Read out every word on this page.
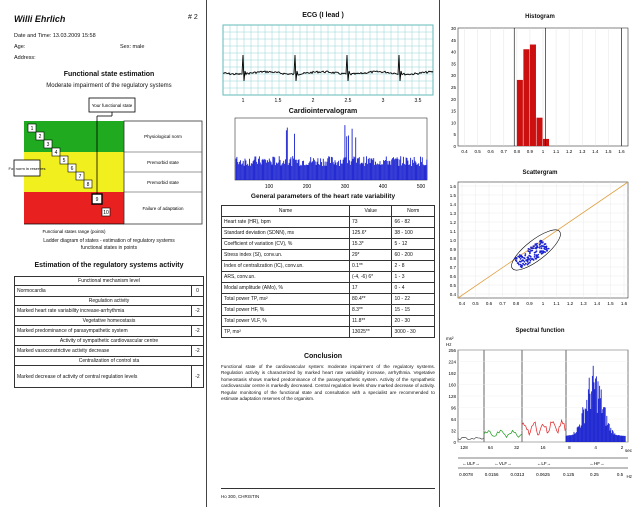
Willi Ehrlich	# 2
Date and Time: 13.03.2009 15:58
Age:	Sex: male
Address:
Functional state estimation
Moderate impairment of the regulatory systems
1
2
3
4
5
6
7
8
9
10
Physiological norm
Premorbid state
Premorbid state
Failure of adaptation
Your functional state
For norm in reserves
Functional states range (points)
Ladder diagram of states - estimation of regulatory systems
functional states in points
Estimation of the regulatory systems activity
Functional mechanism level	
Normocardia	0
Regulation activity	
Marked heart rate variability increase-arrhythmia	-2
Vegetative homeostasis	
Marked predominance of parasympathetic system	-2
Activity of sympathetic cardiovascular centre	
Marked vasoconstrictive activity decrease	-2
Centralization of control sta	
Marked decrease of activity of central regulation levels	-2
ECG (I lead )
1	1.5	2	2.5	3	3.5
Cardiointervalogram
100	200	300	400	500
General parameters of the heart rate variability
Name	Value	Norm
Heart rate (HR), bpm	73	66 - 82
Standard deviation (SDNN), ms	125.6*	38 - 100
Coefficient of variation (CV), %	15.3*	5 - 12
Stress index (SI), conv.un.	29*	60 - 200
Index of centralization (IC), conv.un.	0.1**	2 - 8
ARS, conv.un.	(-4, -6) 6*	1 - 3
Modal amplitude (AMo), %	17	0 - 4
Total power TP, ms²	80.4**	10 - 22
Total power HF, %	8.3**	15 - 15
Total power VLF, %	11.8**	20 - 30
TP, ms²	13025**	3000 - 30
Conclusion
Functional state of the cardiovascular system: moderate impairment of the regulatory systems. Regulation activity is characterized by marked heart rate variability increase, arrhythmia. Vegetative homeostasis shows marked predominance of the parasympathetic system. Activity of the sympathetic cardiovascular centre is markedly decreased. Central regulation levels show marked decrease of activity. Regular monitoring of the functional state and consultation with a specialist are recommended to estimate adaptation reserves of the organism.
Ho 300, CHRISTIN
Histogram
30
45
40
35
30
25
20
15
10
5
0
0.4 0.5 0.6 0.7 0.8 0.9 1 1.1 1.2 1.3 1.4 1.5 1.6
Scattergram
1.6
1.5
1.4
1.3
1.2
1.1
1.0
0.9
0.8
0.7
0.6
0.5
0.4
0.4 0.5 0.6 0.7 0.8 0.9 1 1.1 1.2 1.3 1.4 1.5 1.6
Spectral function
ms²
Hz
256
224
192
160
128
96
64
32
0
128	64	32	16	8	4	2
sec
←ULF→	←VLF→	←LF→	←HF→
0.0078	0.0156	0.0313	0.0625	0.125	0.25	0.5 Hz
